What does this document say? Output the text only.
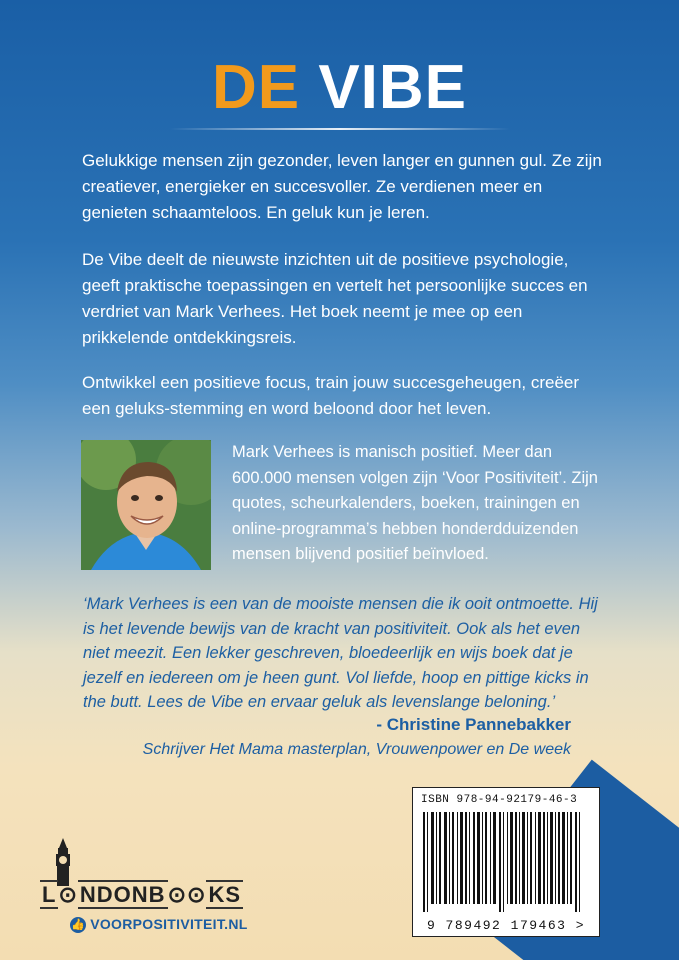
DE VIBE
Gelukkige mensen zijn gezonder, leven langer en gunnen gul. Ze zijn creatiever, energieker en succesvoller. Ze verdienen meer en genieten schaamteloos. En geluk kun je leren.
De Vibe deelt de nieuwste inzichten uit de positieve psychologie, geeft praktische toepassingen en vertelt het persoonlijke succes en verdriet van Mark Verhees. Het boek neemt je mee op een prikkelende ontdekkingsreis.
Ontwikkel een positieve focus, train jouw succesgeheugen, creëer een geluks-stemming en word beloond door het leven.
Mark Verhees is manisch positief. Meer dan 600.000 mensen volgen zijn ‘Voor Positiviteit’. Zijn quotes, scheurkalenders, boeken, trainingen en online-programma’s hebben honderdduizenden mensen blijvend positief beïnvloed.
‘Mark Verhees is een van de mooiste mensen die ik ooit ontmoette. Hij is het levende bewijs van de kracht van positiviteit. Ook als het even niet meezit. Een lekker geschreven, bloedeerlijk en wijs boek dat je jezelf en iedereen om je heen gunt. Vol liefde, hoop en pittige kicks in the butt. Lees de Vibe en ervaar geluk als levenslange beloning.’
- Christine Pannebakker
Schrijver Het Mama masterplan, Vrouwenpower en De week
ISBN 978-94-92179-46-3
9 789492 179463 >
L⊙NDONB⊙⊙KS
👍 VOORPOSITIVITEIT.NL
